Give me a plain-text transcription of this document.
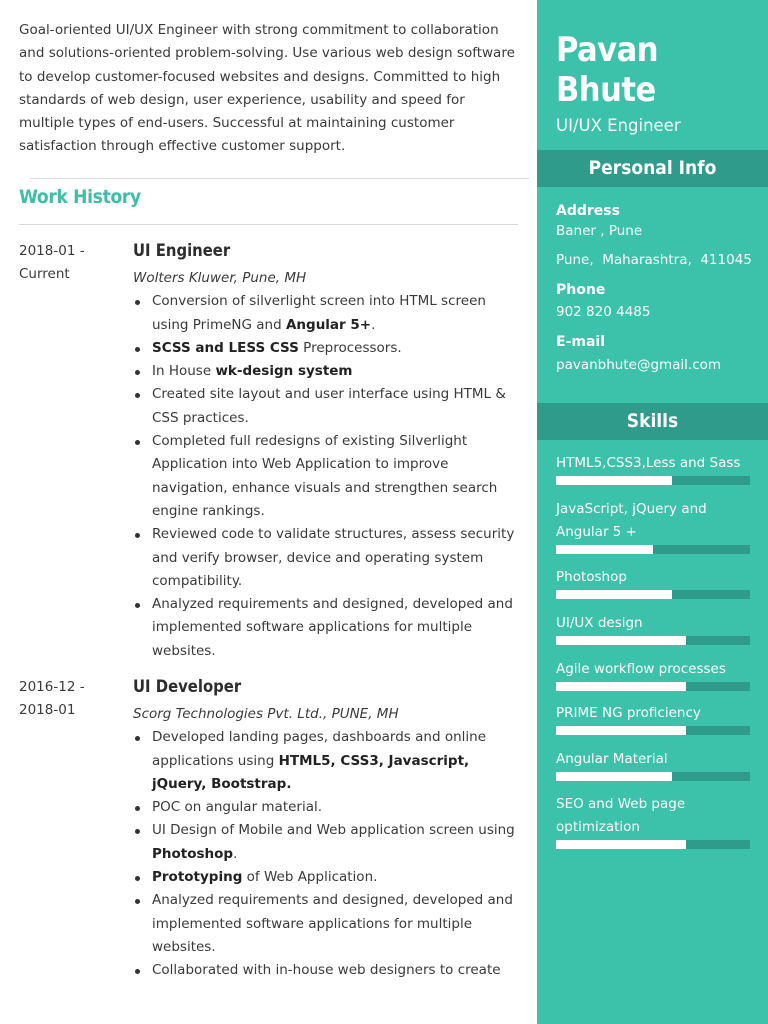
Goal-oriented UI/UX Engineer with strong commitment to collaboration and solutions-oriented problem-solving. Use various web design software to develop customer-focused websites and designs. Committed to high standards of web design, user experience, usability and speed for multiple types of end-users. Successful at maintaining customer satisfaction through effective customer support.

Work History
2018-01 -
Current
UI Engineer
Wolters Kluwer, Pune, MH
Conversion of silverlight screen into HTML screen using PrimeNG and Angular 5+.
SCSS and LESS CSS Preprocessors.
In House wk-design system
Created site layout and user interface using HTML & CSS practices.
Completed full redesigns of existing Silverlight Application into Web Application to improve navigation, enhance visuals and strengthen search engine rankings.
Reviewed code to validate structures, assess security and verify browser, device and operating system compatibility.
Analyzed requirements and designed, developed and implemented software applications for multiple websites.
2016-12 -
2018-01
UI Developer
Scorg Technologies Pvt. Ltd., PUNE, MH
Developed landing pages, dashboards and online applications using HTML5, CSS3, Javascript, jQuery, Bootstrap.
POC on angular material.
UI Design of Mobile and Web application screen using Photoshop.
Prototyping of Web Application.
Analyzed requirements and designed, developed and implemented software applications for multiple websites.
Collaborated with in-house web designers to create
Pavan
Bhute
UI/UX Engineer
Personal Info
Address
Baner , Pune
Pune,  Maharashtra,  411045
Phone
902 820 4485
E-mail
pavanbhute@gmail.com
Skills
HTML5,CSS3,Less and Sass
JavaScript, jQuery and Angular 5 +
Photoshop
UI/UX design
Agile workflow processes
PRIME NG proficiency
Angular Material
SEO and Web page optimization
